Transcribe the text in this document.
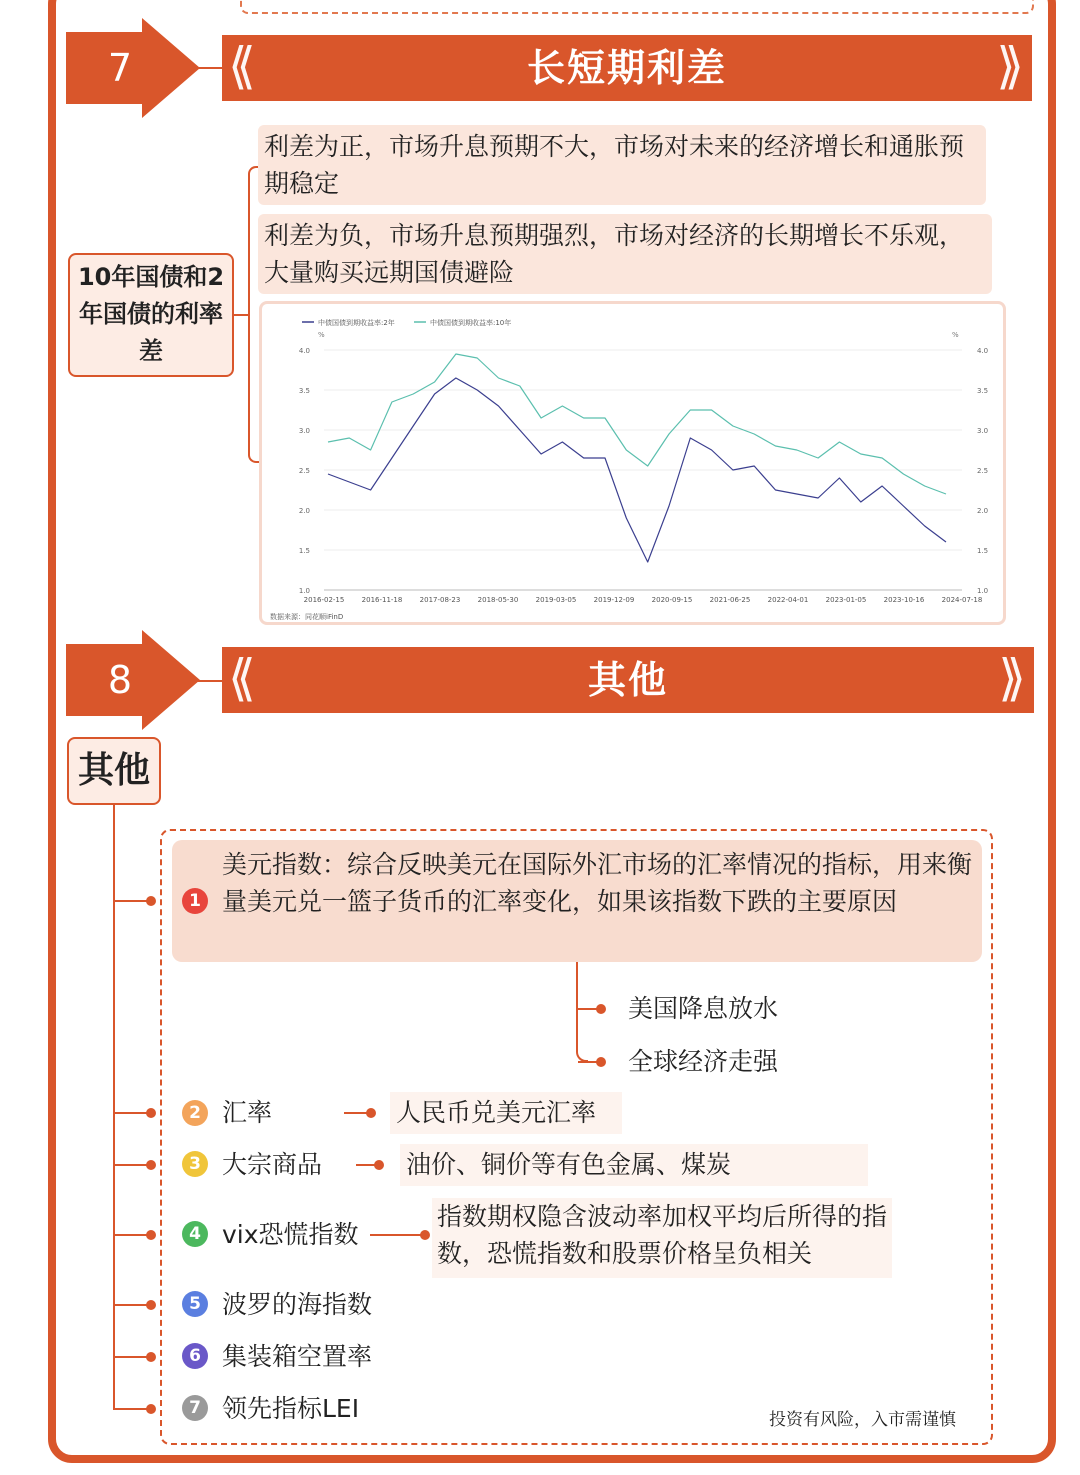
7	⟪	长短期利差	⟫
10年国债和2年国债的利率差
利差为正，市场升息预期不大，市场对未来的经济增长和通胀预期稳定
利差为负，市场升息预期强烈，市场对经济的长期增长不乐观，大量购买远期国债避险
中债国债到期收益率:2年	中债国债到期收益率:10年
%	%
4.0	4.0
3.5	3.5
3.0	3.0
2.5	2.5
2.0	2.0
1.5	1.5
1.0	1.0
2016-02-15 2016-11-18 2017-08-23 2018-05-30 2019-03-05 2019-12-09 2020-09-15 2021-06-25 2022-04-01 2023-01-05 2023-10-16 2024-07-18
数据来源：同花顺iFinD
8	⟪	其他	⟫
其他
1
美元指数：综合反映美元在国际外汇市场的汇率情况的指标，用来衡量美元兑一篮子货币的汇率变化，如果该指数下跌的主要原因
美国降息放水
全球经济走强
2 汇率	人民币兑美元汇率
3 大宗商品	油价、铜价等有色金属、煤炭
4 vix恐慌指数
指数期权隐含波动率加权平均后所得的指数，恐慌指数和股票价格呈负相关
5 波罗的海指数
6 集装箱空置率
7 领先指标LEI	投资有风险，入市需谨慎
